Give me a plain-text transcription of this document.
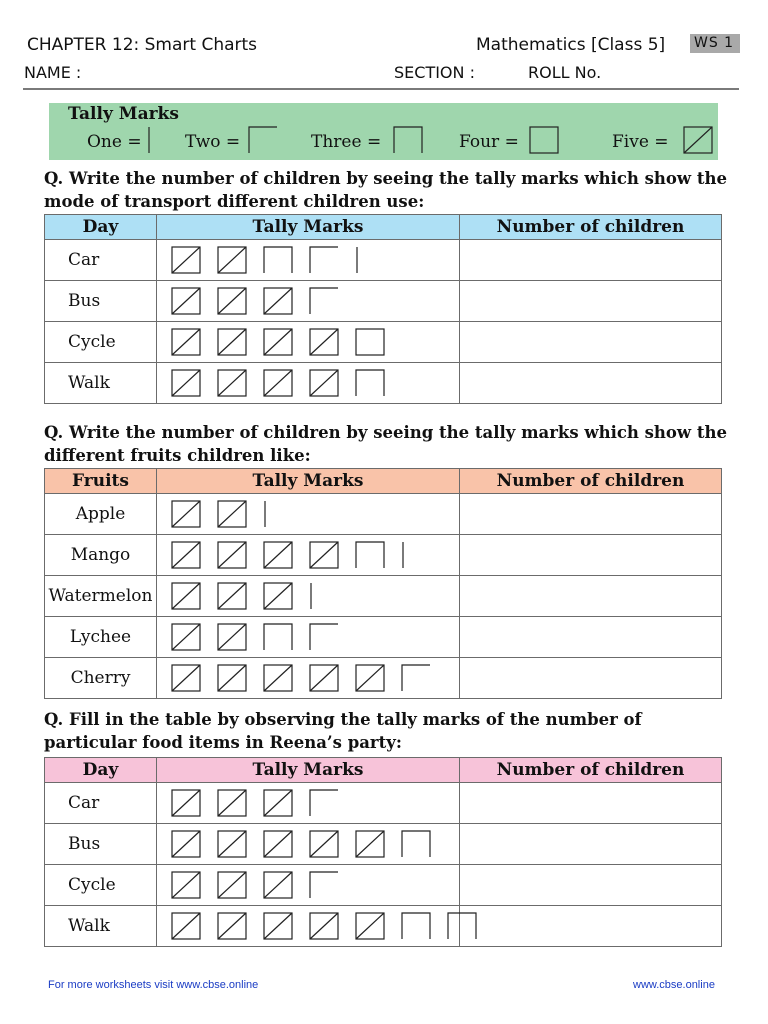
CHAPTER 12: Smart Charts	Mathematics [Class 5] WS 1
NAME :	SECTION :	ROLL No.
Tally Marks
One =	Two =	Three =	Four =	Five =
Q. Write the number of children by seeing the tally marks which show the mode of transport different children use:
Day	Tally Marks	Number of children
Car	

Bus	

Cycle	

Walk	

Q. Write the number of children by seeing the tally marks which show the different fruits children like:
Fruits	Tally Marks	Number of children
Apple	

Mango	

Watermelon	

Lychee	

Cherry	

Q. Fill in the table by observing the tally marks of the number of particular food items in Reena’s party:
Day	Tally Marks	Number of children
Car	

Bus	

Cycle	

Walk	

For more worksheets visit www.cbse.online	www.cbse.online
